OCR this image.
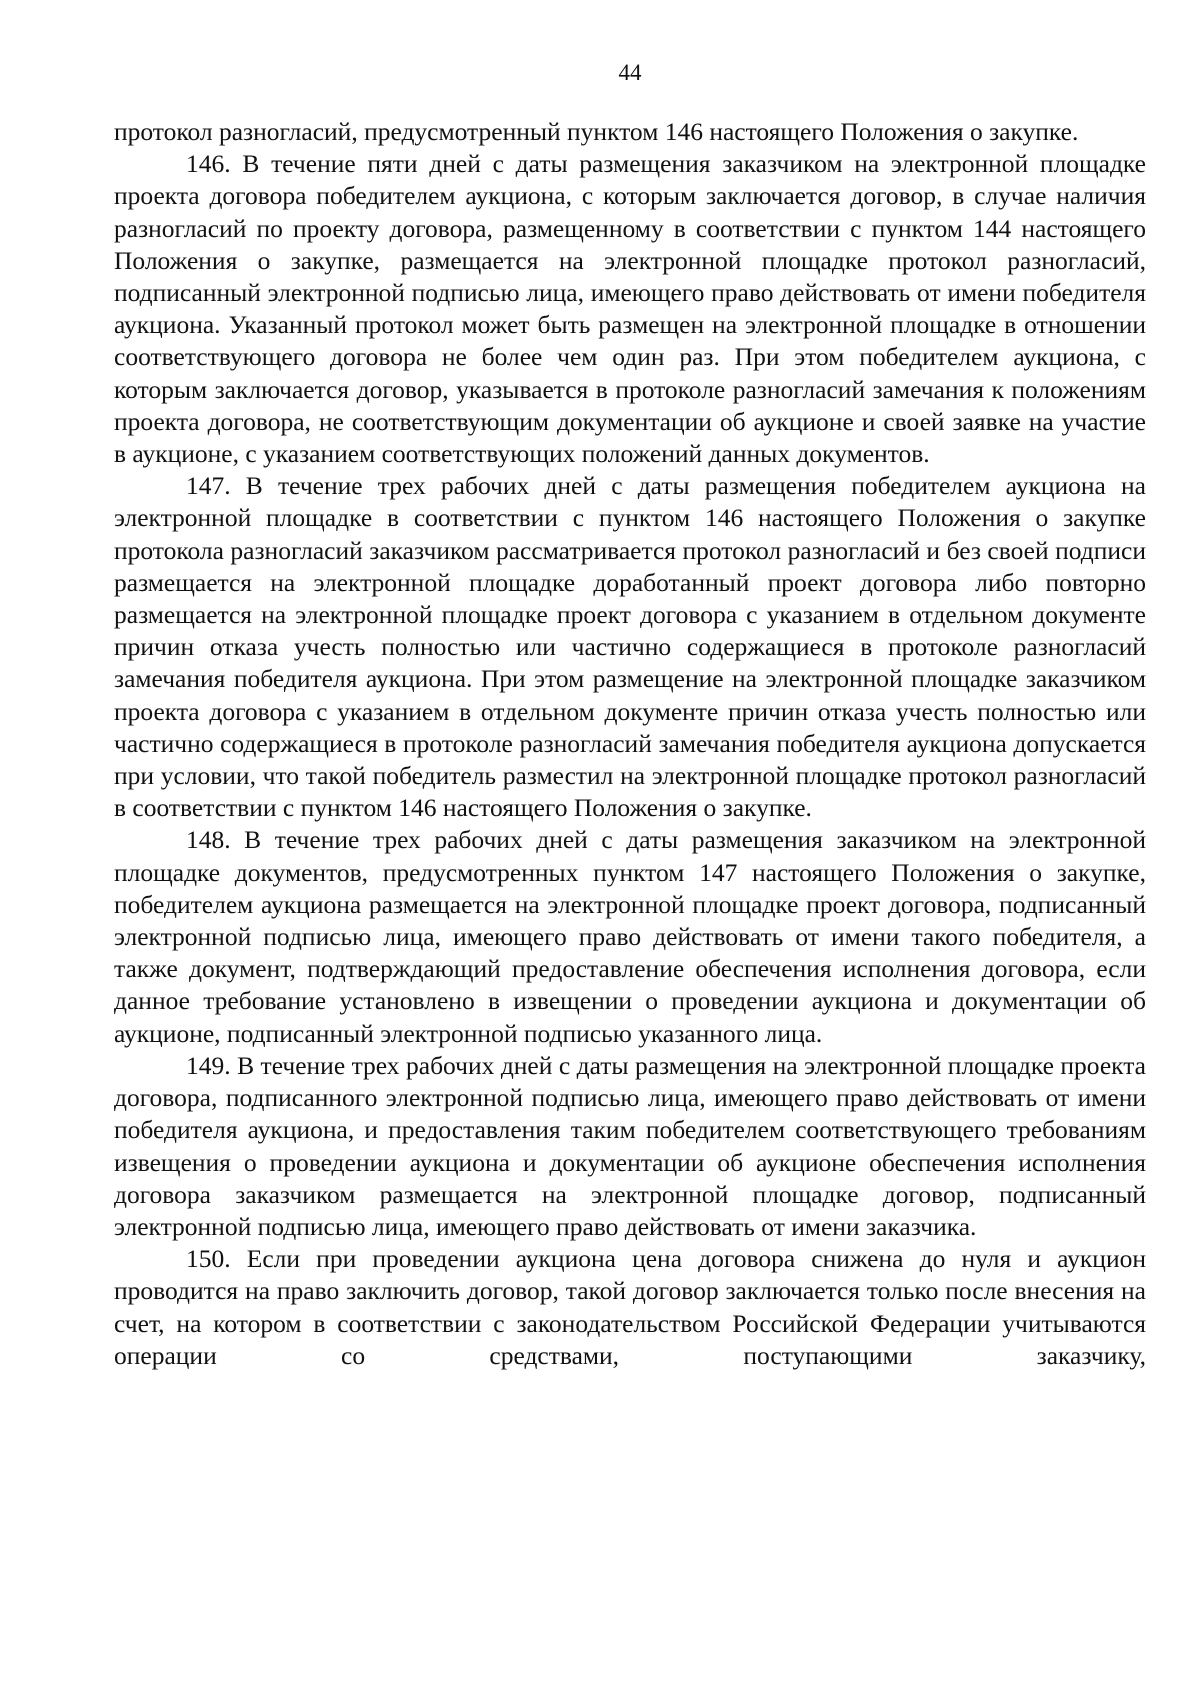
44

протокол разногласий, предусмотренный пунктом 146 настоящего Положения о закупке.

146. В течение пяти дней с даты размещения заказчиком на электронной площадке проекта договора победителем аукциона, с которым заключается договор, в случае наличия разногласий по проекту договора, размещенному в соответствии с пунктом 144 настоящего Положения о закупке, размещается на электронной площадке протокол разногласий, подписанный электронной подписью лица, имеющего право действовать от имени победителя аукциона. Указанный протокол может быть размещен на электронной площадке в отношении соответствующего договора не более чем один раз. При этом победителем аукциона, с которым заключается договор, указывается в протоколе разногласий замечания к положениям проекта договора, не соответствующим документации об аукционе и своей заявке на участие в аукционе, с указанием соответствующих положений данных документов.

147. В течение трех рабочих дней с даты размещения победителем аукциона на электронной площадке в соответствии с пунктом 146 настоящего Положения о закупке протокола разногласий заказчиком рассматривается протокол разногласий и без своей подписи размещается на электронной площадке доработанный проект договора либо повторно размещается на электронной площадке проект договора с указанием в отдельном документе причин отказа учесть полностью или частично содержащиеся в протоколе разногласий замечания победителя аукциона. При этом размещение на электронной площадке заказчиком проекта договора с указанием в отдельном документе причин отказа учесть полностью или частично содержащиеся в протоколе разногласий замечания победителя аукциона допускается при условии, что такой победитель разместил на электронной площадке протокол разногласий в соответствии с пунктом 146 настоящего Положения о закупке.

148. В течение трех рабочих дней с даты размещения заказчиком на электронной площадке документов, предусмотренных пунктом 147 настоящего Положения о закупке, победителем аукциона размещается на электронной площадке проект договора, подписанный электронной подписью лица, имеющего право действовать от имени такого победителя, а также документ, подтверждающий предоставление обеспечения исполнения договора, если данное требование установлено в извещении о проведении аукциона и документации об аукционе, подписанный электронной подписью указанного лица.

149. В течение трех рабочих дней с даты размещения на электронной площадке проекта договора, подписанного электронной подписью лица, имеющего право действовать от имени победителя аукциона, и предоставления таким победителем соответствующего требованиям извещения о проведении аукциона и документации об аукционе обеспечения исполнения договора заказчиком размещается на электронной площадке договор, подписанный электронной подписью лица, имеющего право действовать от имени заказчика.

150. Если при проведении аукциона цена договора снижена до нуля и аукцион проводится на право заключить договор, такой договор заключается только после внесения на счет, на котором в соответствии с законодательством Российской Федерации учитываются операции со средствами, поступающими заказчику,
